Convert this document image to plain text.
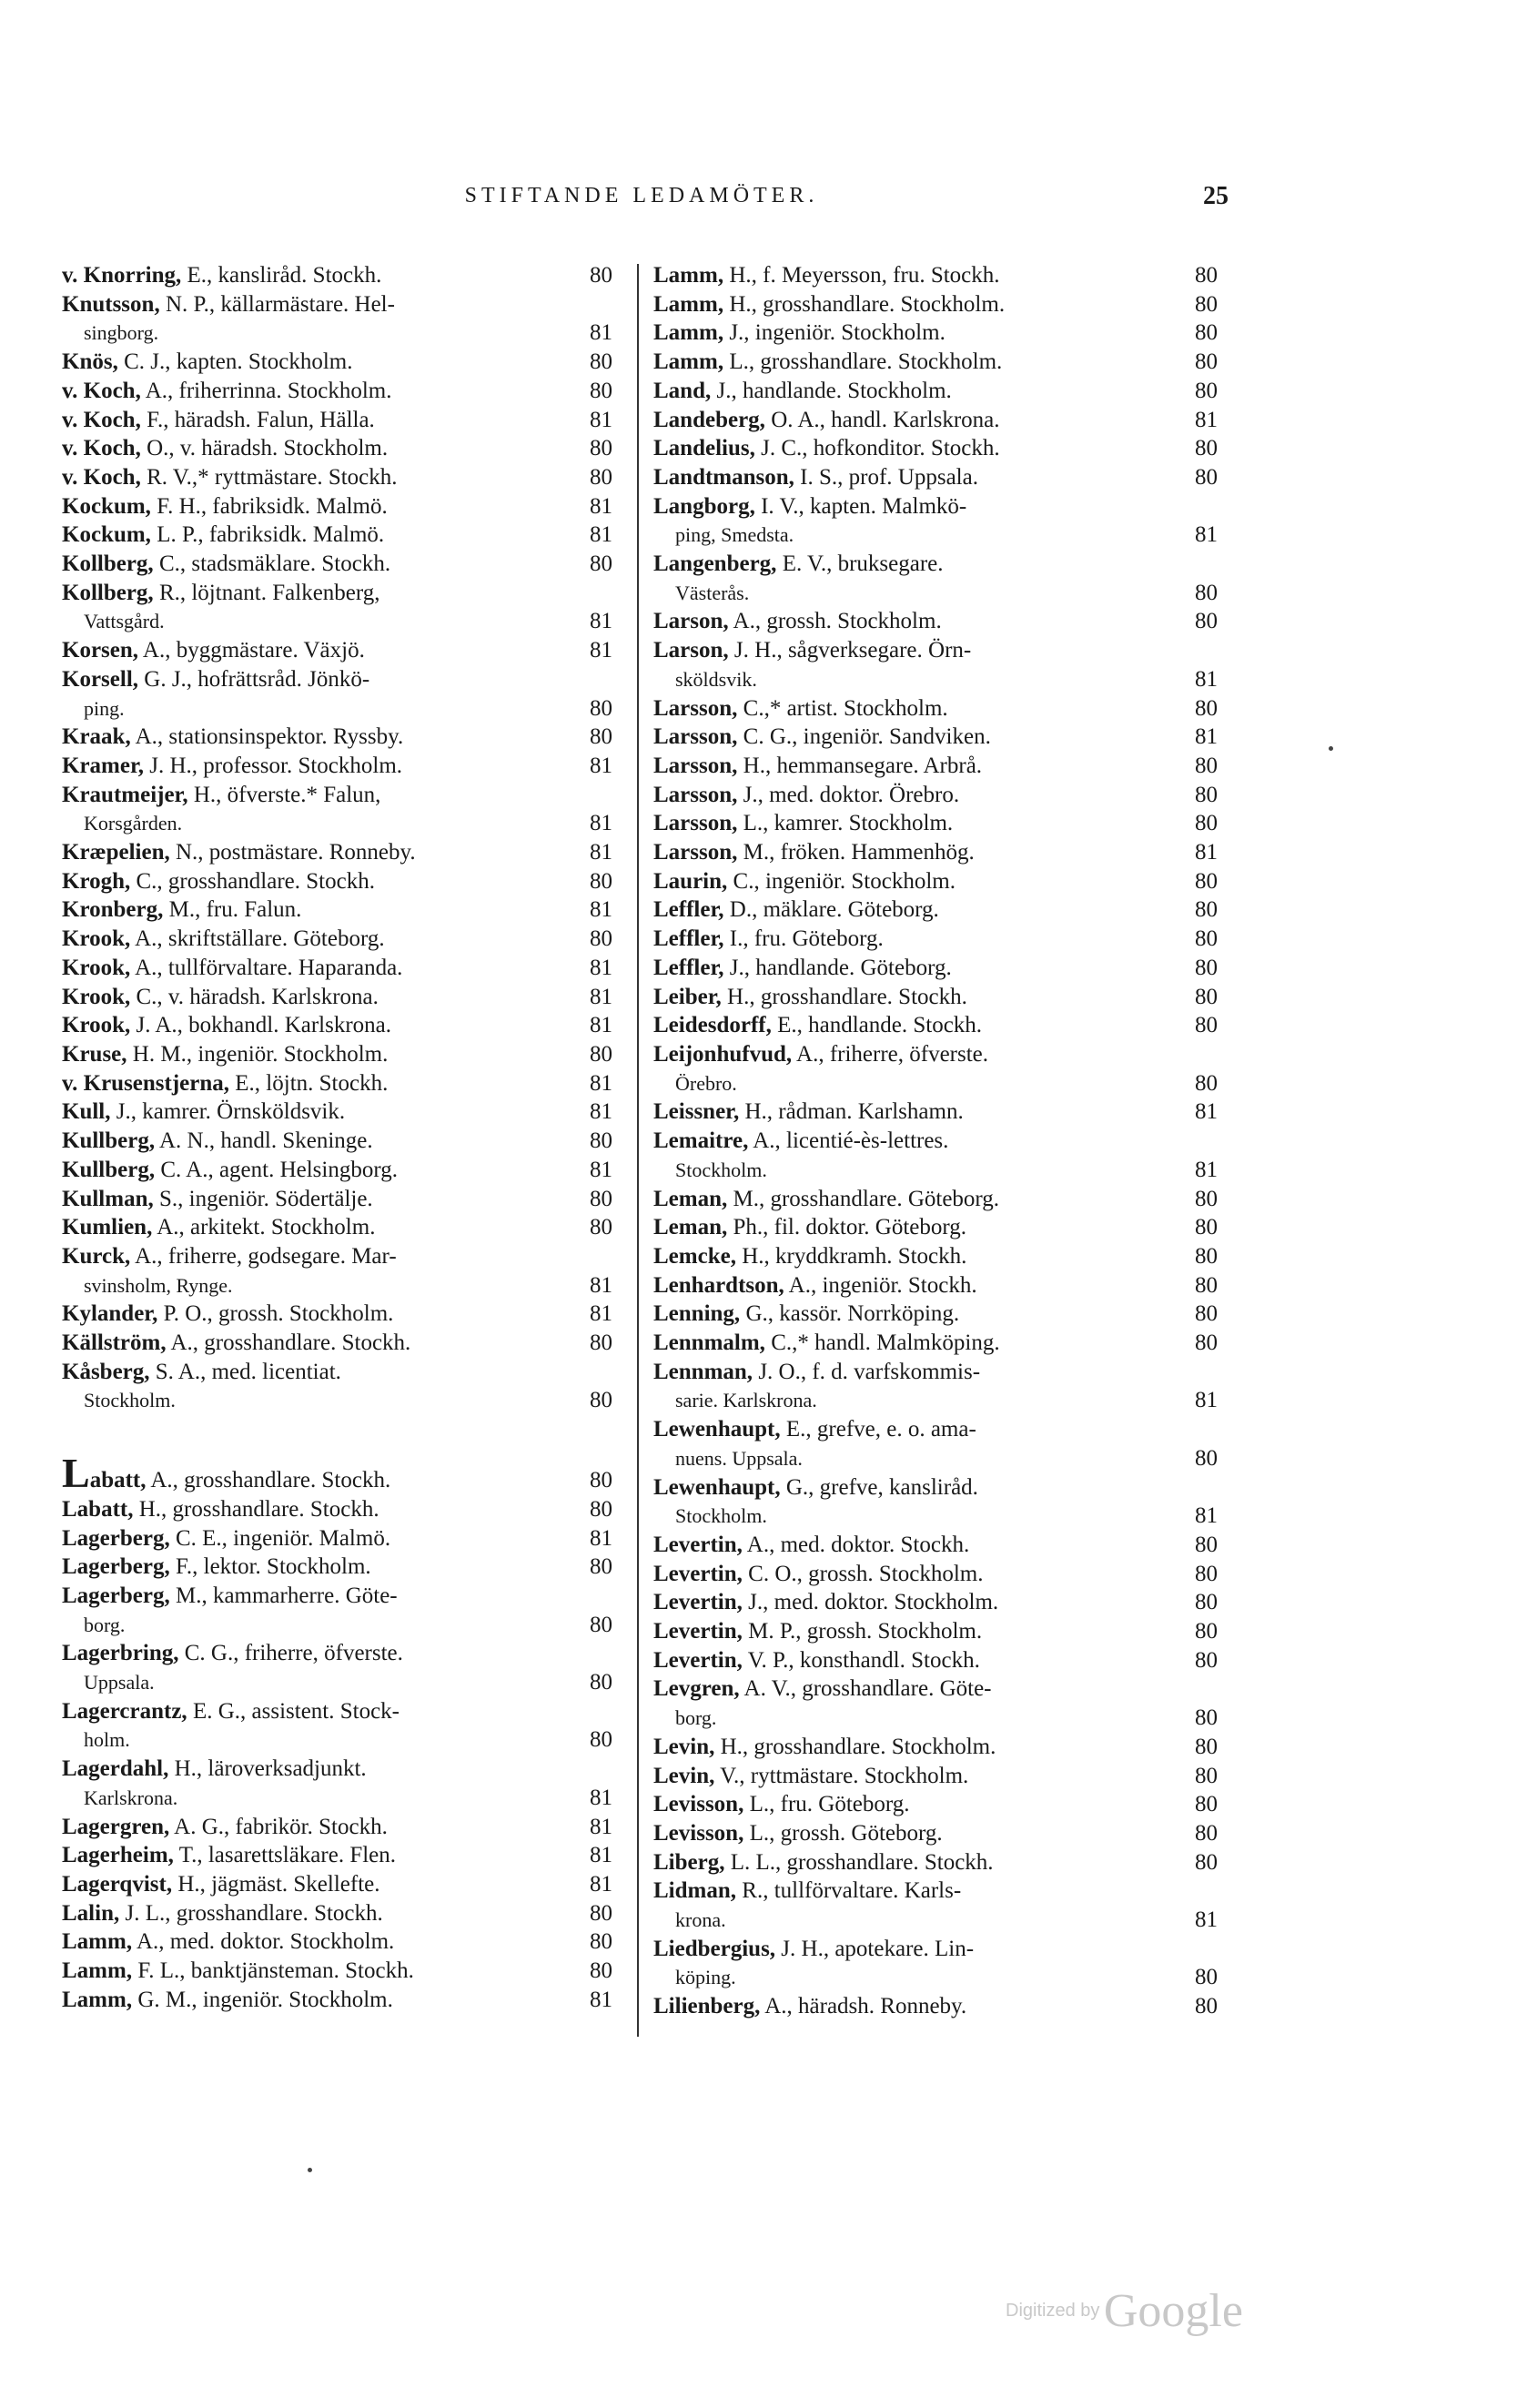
STIFTANDE LEDAMÖTER.	25
v. Knorring, E., kansliråd. Stockh.	80
Knutsson, N. P., källarmästare. Hel-
singborg.	81
Knös, C. J., kapten. Stockholm.	80
v. Koch, A., friherrinna. Stockholm.	80
v. Koch, F., häradsh. Falun, Hälla.	81
v. Koch, O., v. häradsh. Stockholm.	80
v. Koch, R. V.,* ryttmästare. Stockh.	80
Kockum, F. H., fabriksidk. Malmö.	81
Kockum, L. P., fabriksidk. Malmö.	81
Kollberg, C., stadsmäklare. Stockh.	80
Kollberg, R., löjtnant. Falkenberg,
Vattsgård.	81
Korsen, A., byggmästare. Växjö.	81
Korsell, G. J., hofrättsråd. Jönkö-
ping.	80
Kraak, A., stationsinspektor. Ryssby.	80
Kramer, J. H., professor. Stockholm.	81
Krautmeijer, H., öfverste.* Falun,
Korsgården.	81
Kræpelien, N., postmästare. Ronneby.	81
Krogh, C., grosshandlare. Stockh.	80
Kronberg, M., fru. Falun.	81
Krook, A., skriftställare. Göteborg.	80
Krook, A., tullförvaltare. Haparanda.	81
Krook, C., v. häradsh. Karlskrona.	81
Krook, J. A., bokhandl. Karlskrona.	81
Kruse, H. M., ingeniör. Stockholm.	80
v. Krusenstjerna, E., löjtn. Stockh.	81
Kull, J., kamrer. Örnsköldsvik.	81
Kullberg, A. N., handl. Skeninge.	80
Kullberg, C. A., agent. Helsingborg.	81
Kullman, S., ingeniör. Södertälje.	80
Kumlien, A., arkitekt. Stockholm.	80
Kurck, A., friherre, godsegare. Mar-
svinsholm, Rynge.	81
Kylander, P. O., grossh. Stockholm.	81
Källström, A., grosshandlare. Stockh.	80
Kåsberg, S. A., med. licentiat.
Stockholm.	80
Labatt, A., grosshandlare. Stockh.	80
Labatt, H., grosshandlare. Stockh.	80
Lagerberg, C. E., ingeniör. Malmö.	81
Lagerberg, F., lektor. Stockholm.	80
Lagerberg, M., kammarherre. Göte-
borg.	80
Lagerbring, C. G., friherre, öfverste.
Uppsala.	80
Lagercrantz, E. G., assistent. Stock-
holm.	80
Lagerdahl, H., läroverksadjunkt.
Karlskrona.	81
Lagergren, A. G., fabrikör. Stockh.	81
Lagerheim, T., lasarettsläkare. Flen.	81
Lagerqvist, H., jägmäst. Skellefte.	81
Lalin, J. L., grosshandlare. Stockh.	80
Lamm, A., med. doktor. Stockholm.	80
Lamm, F. L., banktjänsteman. Stockh.	80
Lamm, G. M., ingeniör. Stockholm.	81
Lamm, H., f. Meyersson, fru. Stockh.	80
Lamm, H., grosshandlare. Stockholm.	80
Lamm, J., ingeniör. Stockholm.	80
Lamm, L., grosshandlare. Stockholm.	80
Land, J., handlande. Stockholm.	80
Landeberg, O. A., handl. Karlskrona.	81
Landelius, J. C., hofkonditor. Stockh.	80
Landtmanson, I. S., prof. Uppsala.	80
Langborg, I. V., kapten. Malmkö-
ping, Smedsta.	81
Langenberg, E. V., bruksegare.
Västerås.	80
Larson, A., grossh. Stockholm.	80
Larson, J. H., sågverksegare. Örn-
sköldsvik.	81
Larsson, C.,* artist. Stockholm.	80
Larsson, C. G., ingeniör. Sandviken.	81
Larsson, H., hemmansegare. Arbrå.	80
Larsson, J., med. doktor. Örebro.	80
Larsson, L., kamrer. Stockholm.	80
Larsson, M., fröken. Hammenhög.	81
Laurin, C., ingeniör. Stockholm.	80
Leffler, D., mäklare. Göteborg.	80
Leffler, I., fru. Göteborg.	80
Leffler, J., handlande. Göteborg.	80
Leiber, H., grosshandlare. Stockh.	80
Leidesdorff, E., handlande. Stockh.	80
Leijonhufvud, A., friherre, öfverste.
Örebro.	80
Leissner, H., rådman. Karlshamn.	81
Lemaitre, A., licentié-ès-lettres.
Stockholm.	81
Leman, M., grosshandlare. Göteborg.	80
Leman, Ph., fil. doktor. Göteborg.	80
Lemcke, H., kryddkramh. Stockh.	80
Lenhardtson, A., ingeniör. Stockh.	80
Lenning, G., kassör. Norrköping.	80
Lennmalm, C.,* handl. Malmköping.	80
Lennman, J. O., f. d. varfskommis-
sarie. Karlskrona.	81
Lewenhaupt, E., grefve, e. o. ama-
nuens. Uppsala.	80
Lewenhaupt, G., grefve, kansliråd.
Stockholm.	81
Levertin, A., med. doktor. Stockh.	80
Levertin, C. O., grossh. Stockholm.	80
Levertin, J., med. doktor. Stockholm.	80
Levertin, M. P., grossh. Stockholm.	80
Levertin, V. P., konsthandl. Stockh.	80
Levgren, A. V., grosshandlare. Göte-
borg.	80
Levin, H., grosshandlare. Stockholm.	80
Levin, V., ryttmästare. Stockholm.	80
Levisson, L., fru. Göteborg.	80
Levisson, L., grossh. Göteborg.	80
Liberg, L. L., grosshandlare. Stockh.	80
Lidman, R., tullförvaltare. Karls-
krona.	81
Liedbergius, J. H., apotekare. Lin-
köping.	80
Lilienberg, A., häradsh. Ronneby.	80
Digitized by Google
